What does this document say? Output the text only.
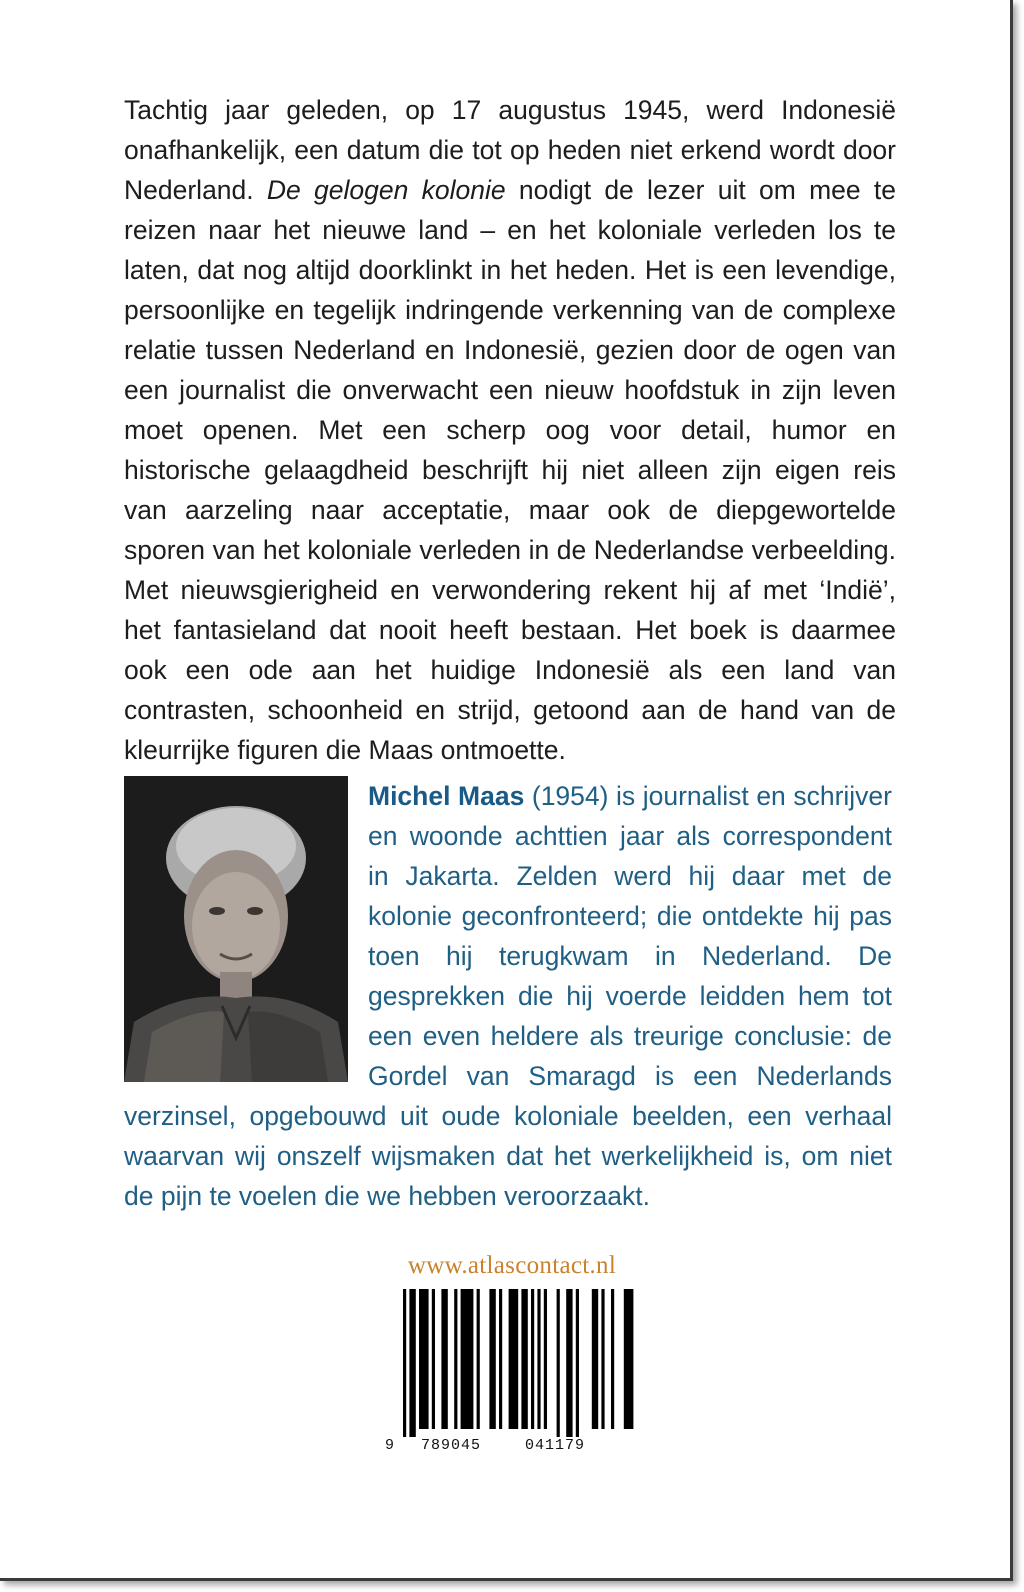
Tachtig jaar geleden, op 17 augustus 1945, werd Indonesië onafhankelijk, een datum die tot op heden niet erkend wordt door Nederland. De gelogen kolonie nodigt de lezer uit om mee te reizen naar het nieuwe land – en het koloniale verleden los te laten, dat nog altijd doorklinkt in het heden. Het is een levendige, persoonlijke en tegelijk indringende verkenning van de complexe relatie tussen Nederland en Indonesië, gezien door de ogen van een journalist die onverwacht een nieuw hoofdstuk in zijn leven moet openen. Met een scherp oog voor detail, humor en historische gelaagdheid beschrijft hij niet alleen zijn eigen reis van aarzeling naar acceptatie, maar ook de diepgewortelde sporen van het koloniale verleden in de Nederlandse verbeelding. Met nieuwsgierigheid en verwondering rekent hij af met ‘Indië’, het fantasieland dat nooit heeft bestaan. Het boek is daarmee ook een ode aan het huidige Indonesië als een land van contrasten, schoonheid en strijd, getoond aan de hand van de kleurrijke figuren die Maas ontmoette.

Michel Maas (1954) is journalist en schrijver en woonde achttien jaar als correspondent in Jakarta. Zelden werd hij daar met de kolonie geconfronteerd; die ontdekte hij pas toen hij terugkwam in Nederland. De gesprekken die hij voerde leidden hem tot een even heldere als treurige conclusie: de Gordel van Smaragd is een Nederlands verzinsel, opgebouwd uit oude koloniale beelden, een verhaal waarvan wij onszelf wijsmaken dat het werkelijkheid is, om niet de pijn te voelen die we hebben veroorzaakt.
www.atlascontact.nl
9 789045	041179
